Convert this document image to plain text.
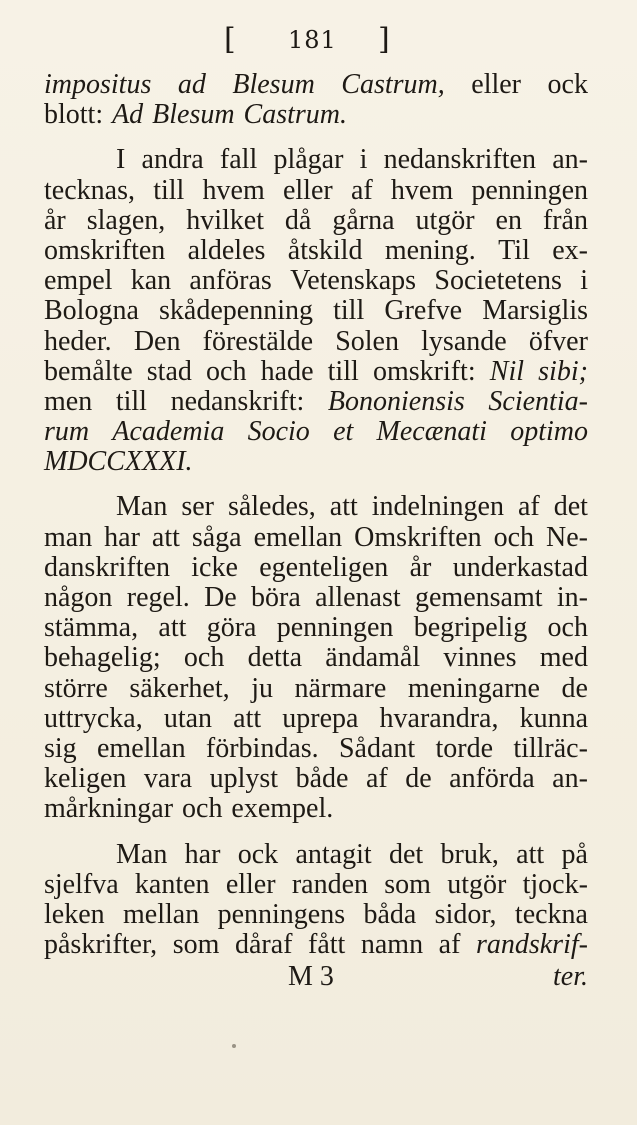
[ 181 ]
impositus ad Blesum Castrum, eller ock
blott: Ad Blesum Castrum.
I andra fall plågar i nedanskriften an-
tecknas, till hvem eller af hvem penningen
år slagen, hvilket då gårna utgör en från
omskriften aldeles åtskild mening. Til ex-
empel kan anföras Vetenskaps Societetens i
Bologna skådepenning till Grefve Marsiglis
heder. Den förestälde Solen lysande öfver
bemålte stad och hade till omskrift: Nil sibi;
men till nedanskrift: Bononiensis Scientia-
rum Academia Socio et Mecænati optimo
MDCCXXXI.
Man ser således, att indelningen af det
man har att såga emellan Omskriften och Ne-
danskriften icke egenteligen år underkastad
någon regel. De böra allenast gemensamt in-
stämma, att göra penningen begripelig och
behagelig; och detta ändamål vinnes med
större säkerhet, ju närmare meningarne de
uttrycka, utan att uprepa hvarandra, kunna
sig emellan förbindas. Sådant torde tillräc-
keligen vara uplyst både af de anförda an-
mårkningar och exempel.
Man har ock antagit det bruk, att på
sjelfva kanten eller randen som utgör tjock-
leken mellan penningens båda sidor, teckna
påskrifter, som dåraf fått namn af randskrif-
M 3	ter.
